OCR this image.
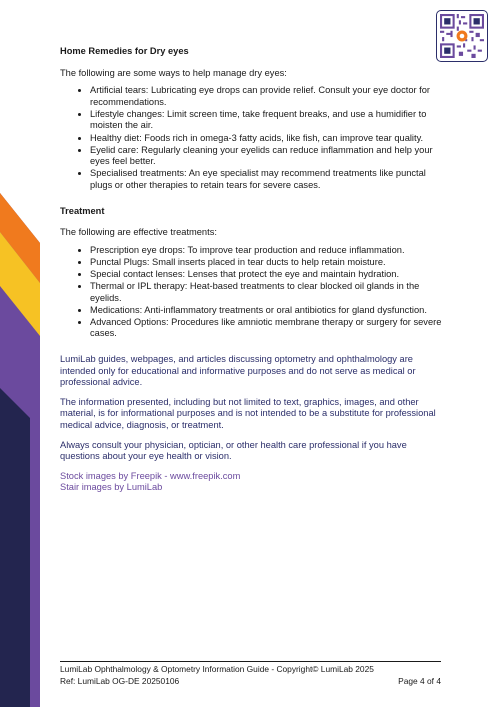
Home Remedies for Dry eyes

The following are some ways to help manage dry eyes:

• Artificial tears: Lubricating eye drops can provide relief. Consult your eye doctor for recommendations.
• Lifestyle changes: Limit screen time, take frequent breaks, and use a humidifier to moisten the air.
• Healthy diet: Foods rich in omega-3 fatty acids, like fish, can improve tear quality.
• Eyelid care: Regularly cleaning your eyelids can reduce inflammation and help your eyes feel better.
• Specialised treatments: An eye specialist may recommend treatments like punctal plugs or other therapies to retain tears for severe cases.

Treatment

The following are effective treatments:

• Prescription eye drops: To improve tear production and reduce inflammation.
• Punctal Plugs: Small inserts placed in tear ducts to help retain moisture.
• Special contact lenses: Lenses that protect the eye and maintain hydration.
• Thermal or IPL therapy: Heat-based treatments to clear blocked oil glands in the eyelids.
• Medications: Anti-inflammatory treatments or oral antibiotics for gland dysfunction.
• Advanced Options: Procedures like amniotic membrane therapy or surgery for severe cases.

LumiLab guides, webpages, and articles discussing optometry and ophthalmology are intended only for educational and informative purposes and do not serve as medical or professional advice.

The information presented, including but not limited to text, graphics, images, and other material, is for informational purposes and is not intended to be a substitute for professional medical advice, diagnosis, or treatment.

Always consult your physician, optician, or other health care professional if you have questions about your eye health or vision.

Stock images by Freepik - www.freepik.com

Stair images by LumiLab

LumiLab Ophthalmology & Optometry Information Guide - Copyright© LumiLab 2025
Ref: LumiLab OG-DE 20250106	Page 4 of 4
